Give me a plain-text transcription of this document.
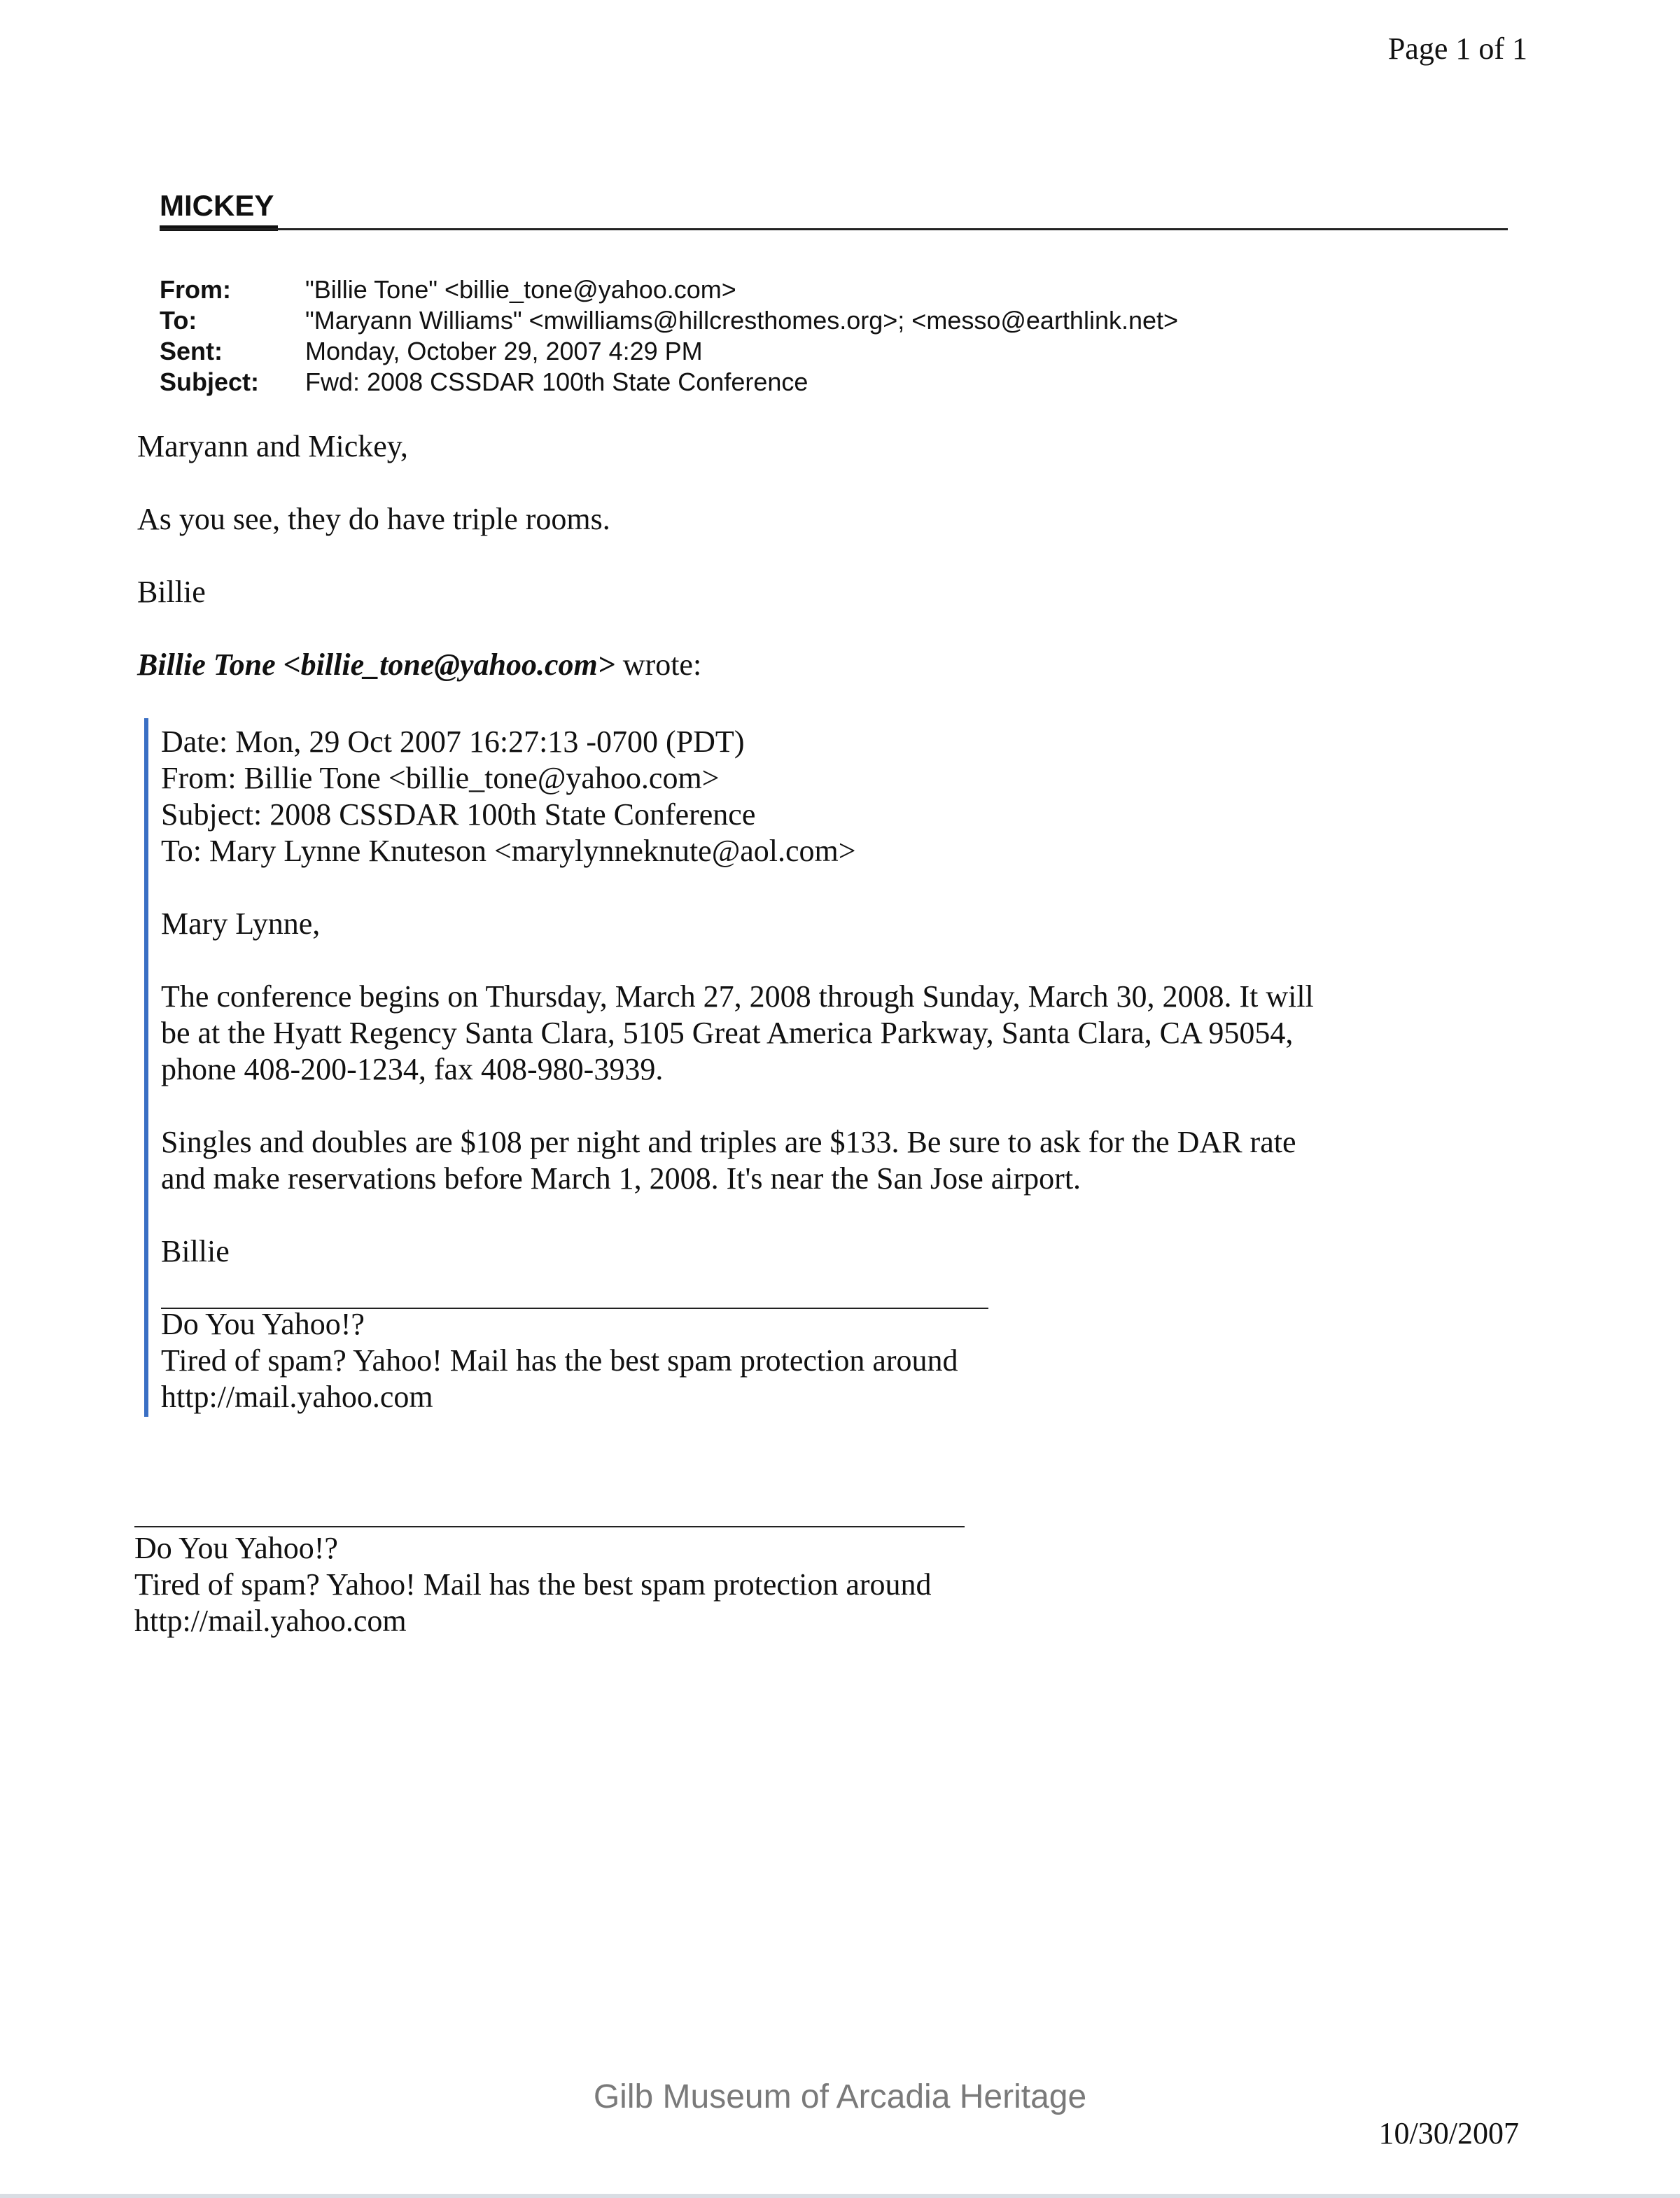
Page 1 of 1
MICKEY
From:	"Billie Tone" <billie_tone@yahoo.com>
To:	"Maryann Williams" <mwilliams@hillcresthomes.org>; <messo@earthlink.net>
Sent:	Monday, October 29, 2007 4:29 PM
Subject:	Fwd: 2008 CSSDAR 100th State Conference
Maryann and Mickey,
As you see, they do have triple rooms.
Billie
Billie Tone <billie_tone@yahoo.com> wrote:
Date: Mon, 29 Oct 2007 16:27:13 -0700 (PDT)
From: Billie Tone <billie_tone@yahoo.com>
Subject: 2008 CSSDAR 100th State Conference
To: Mary Lynne Knuteson <marylynneknute@aol.com>
Mary Lynne,
The conference begins on Thursday, March 27, 2008 through Sunday, March 30, 2008. It will
be at the Hyatt Regency Santa Clara, 5105 Great America Parkway, Santa Clara, CA 95054,
phone 408-200-1234, fax 408-980-3939.
Singles and doubles are $108 per night and triples are $133. Be sure to ask for the DAR rate
and make reservations before March 1, 2008. It's near the San Jose airport.
Billie
Do You Yahoo!?
Tired of spam? Yahoo! Mail has the best spam protection around
http://mail.yahoo.com
Do You Yahoo!?
Tired of spam? Yahoo! Mail has the best spam protection around
http://mail.yahoo.com
Gilb Museum of Arcadia Heritage
10/30/2007
